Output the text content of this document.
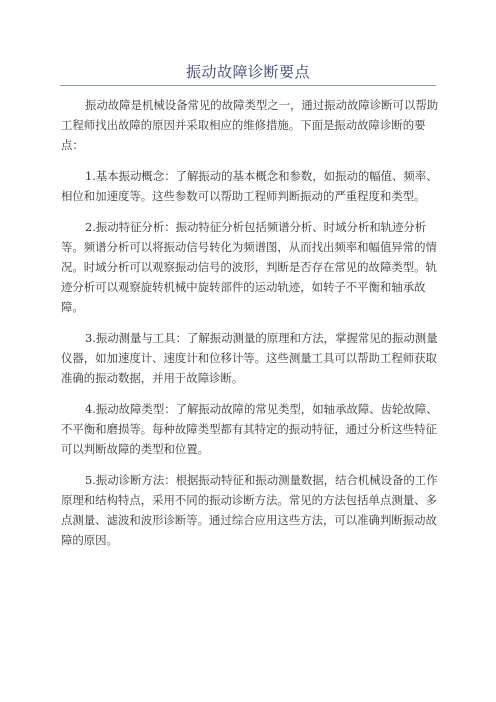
振动故障诊断要点

振动故障是机械设备常见的故障类型之一，通过振动故障诊断可以帮助工程师找出故障的原因并采取相应的维修措施。下面是振动故障诊断的要点：

1.基本振动概念：了解振动的基本概念和参数，如振动的幅值、频率、相位和加速度等。这些参数可以帮助工程师判断振动的严重程度和类型。

2.振动特征分析：振动特征分析包括频谱分析、时域分析和轨迹分析等。频谱分析可以将振动信号转化为频谱图，从而找出频率和幅值异常的情况。时域分析可以观察振动信号的波形，判断是否存在常见的故障类型。轨迹分析可以观察旋转机械中旋转部件的运动轨迹，如转子不平衡和轴承故障。

3.振动测量与工具：了解振动测量的原理和方法，掌握常见的振动测量仪器，如加速度计、速度计和位移计等。这些测量工具可以帮助工程师获取准确的振动数据，并用于故障诊断。

4.振动故障类型：了解振动故障的常见类型，如轴承故障、齿轮故障、不平衡和磨损等。每种故障类型都有其特定的振动特征，通过分析这些特征可以判断故障的类型和位置。

5.振动诊断方法：根据振动特征和振动测量数据，结合机械设备的工作原理和结构特点，采用不同的振动诊断方法。常见的方法包括单点测量、多点测量、滤波和波形诊断等。通过综合应用这些方法，可以准确判断振动故障的原因。
